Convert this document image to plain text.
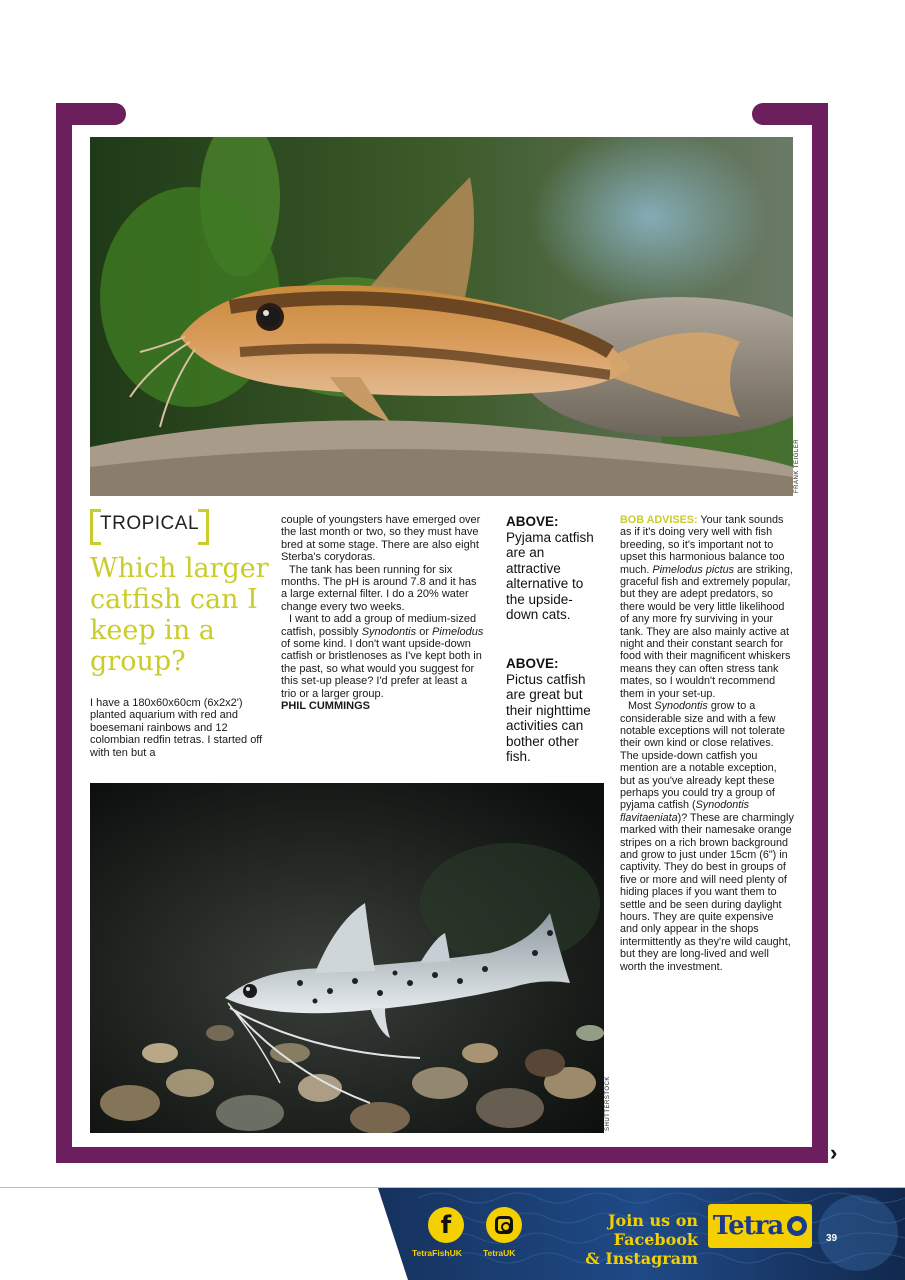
FRANK TEIGLER
TROPICAL
Which larger catfish can I keep in a group?

I have a 180x60x60cm (6x2x2') planted aquarium with red and boesemani rainbows and 12 colombian redfin tetras. I started off with ten but a

couple of youngsters have emerged over the last month or two, so they must have bred at some stage. There are also eight Sterba's corydoras.

The tank has been running for six months. The pH is around 7.8 and it has a large external filter. I do a 20% water change every two weeks.

I want to add a group of medium-sized catfish, possibly Synodontis or Pimelodus of some kind. I don't want upside-down catfish or bristlenoses as I've kept both in the past, so what would you suggest for this set-up please? I'd prefer at least a trio or a larger group.

PHIL CUMMINGS

ABOVE:
Pyjama catfish are an attractive alternative to the upside-down cats.
ABOVE: Pictus catfish are great but their nighttime activities can bother other fish.

BOB ADVISES: Your tank sounds as if it's doing very well with fish breeding, so it's important not to upset this harmonious balance too much. Pimelodus pictus are striking, graceful fish and extremely popular, but they are adept predators, so there would be very little likelihood of any more fry surviving in your tank. They are also mainly active at night and their constant search for food with their magnificent whiskers means they can often stress tank mates, so I wouldn't recommend them in your set-up.

Most Synodontis grow to a considerable size and with a few notable exceptions will not tolerate their own kind or close relatives. The upside-down catfish you mention are a notable exception, but as you've already kept these perhaps you could try a group of pyjama catfish (Synodontis flavitaeniata)? These are charmingly marked with their namesake orange stripes on a rich brown background and grow to just under 15cm (6") in captivity. They do best in groups of five or more and will need plenty of hiding places if you want them to settle and be seen during daylight hours. They are quite expensive and only appear in the shops intermittently as they're wild caught, but they are long-lived and well worth the investment.

SHUTTERSTOCK
›
f
TetraFishUK TetraUK
Join us on Facebook
& Instagram
Tetra	39
